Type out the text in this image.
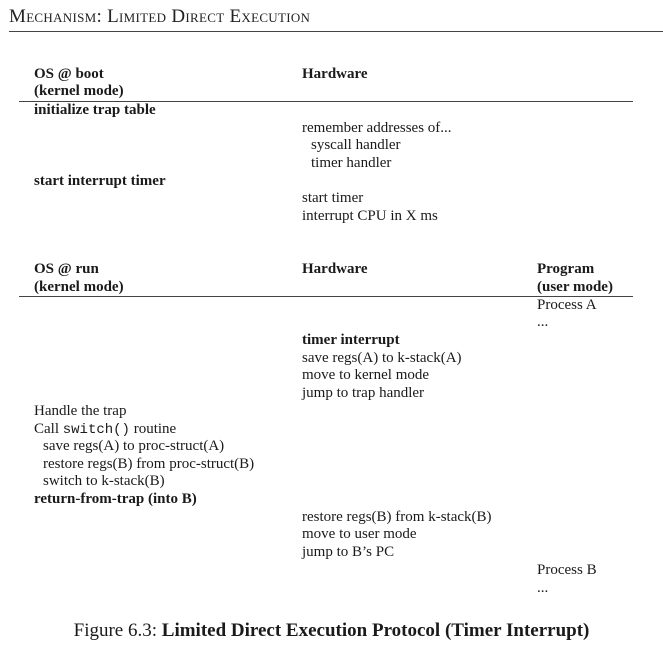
Mechanism: Limited Direct Execution
OS @ boot
(kernel mode)
Hardware
initialize trap table
remember addresses of...
syscall handler
timer handler
start interrupt timer
start timer
interrupt CPU in X ms
OS @ run
(kernel mode)
Hardware	Program
(user mode)
Process A
...
timer interrupt
save regs(A) to k-stack(A)
move to kernel mode
jump to trap handler
Handle the trap
Call switch() routine
save regs(A) to proc-struct(A)
restore regs(B) from proc-struct(B)
switch to k-stack(B)
return-from-trap (into B)
restore regs(B) from k-stack(B)
move to user mode
jump to B’s PC
Process B
...
Figure 6.3: Limited Direct Execution Protocol (Timer Interrupt)
